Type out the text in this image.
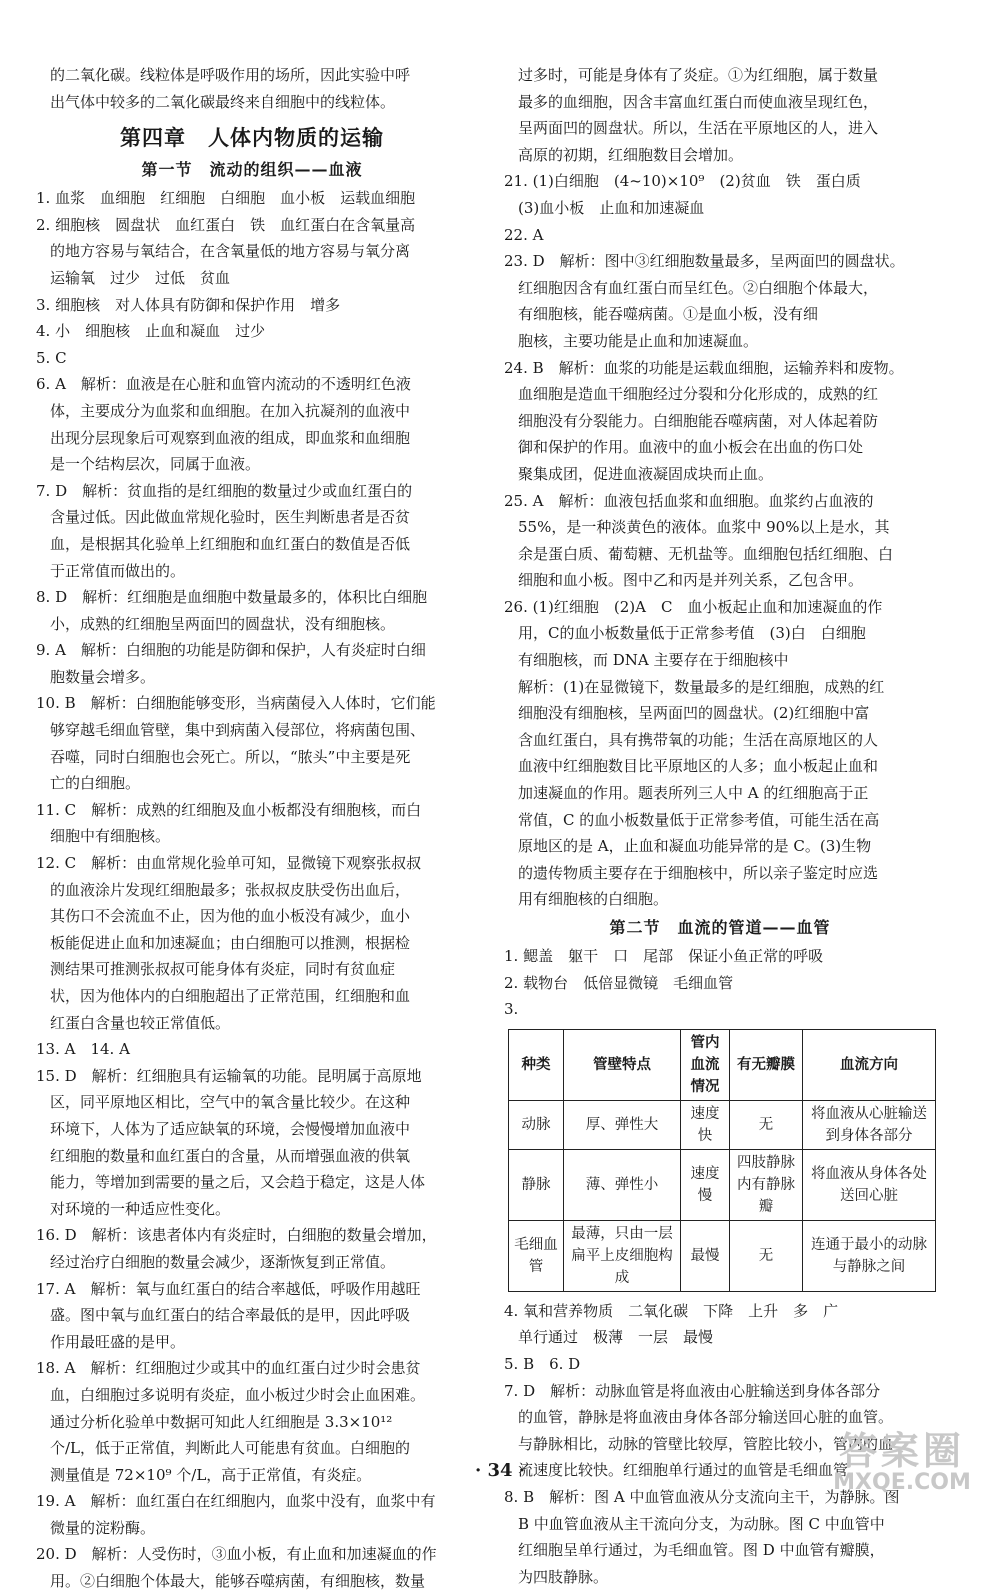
的二氧化碳。线粒体是呼吸作用的场所，因此实验中呼
出气体中较多的二氧化碳最终来自细胞中的线粒体。
第四章　人体内物质的运输
第一节　流动的组织——血液
1. 血浆　血细胞　红细胞　白细胞　血小板　运载血细胞
2. 细胞核　圆盘状　血红蛋白　铁　血红蛋白在含氧量高
的地方容易与氧结合，在含氧量低的地方容易与氧分离
运输氧　过少　过低　贫血
3. 细胞核　对人体具有防御和保护作用　增多
4. 小　细胞核　止血和凝血　过少
5. C
6. A　解析：血液是在心脏和血管内流动的不透明红色液
体，主要成分为血浆和血细胞。在加入抗凝剂的血液中
出现分层现象后可观察到血液的组成，即血浆和血细胞
是一个结构层次，同属于血液。
7. D　解析：贫血指的是红细胞的数量过少或血红蛋白的
含量过低。因此做血常规化验时，医生判断患者是否贫
血，是根据其化验单上红细胞和血红蛋白的数值是否低
于正常值而做出的。
8. D　解析：红细胞是血细胞中数量最多的，体积比白细胞
小，成熟的红细胞呈两面凹的圆盘状，没有细胞核。
9. A　解析：白细胞的功能是防御和保护，人有炎症时白细
胞数量会增多。
10. B　解析：白细胞能够变形，当病菌侵入人体时，它们能
够穿越毛细血管壁，集中到病菌入侵部位，将病菌包围、
吞噬，同时白细胞也会死亡。所以，“脓头”中主要是死
亡的白细胞。
11. C　解析：成熟的红细胞及血小板都没有细胞核，而白
细胞中有细胞核。
12. C　解析：由血常规化验单可知，显微镜下观察张叔叔
的血液涂片发现红细胞最多；张叔叔皮肤受伤出血后，
其伤口不会流血不止，因为他的血小板没有减少，血小
板能促进止血和加速凝血；由白细胞可以推测，根据检
测结果可推测张叔叔可能身体有炎症，同时有贫血症
状，因为他体内的白细胞超出了正常范围，红细胞和血
红蛋白含量也较正常值低。
13. A　14. A
15. D　解析：红细胞具有运输氧的功能。昆明属于高原地
区，同平原地区相比，空气中的氧含量比较少。在这种
环境下，人体为了适应缺氧的环境，会慢慢增加血液中
红细胞的数量和血红蛋白的含量，从而增强血液的供氧
能力，等增加到需要的量之后，又会趋于稳定，这是人体
对环境的一种适应性变化。
16. D　解析：该患者体内有炎症时，白细胞的数量会增加，
经过治疗白细胞的数量会减少，逐渐恢复到正常值。
17. A　解析：氧与血红蛋白的结合率越低，呼吸作用越旺
盛。图中氧与血红蛋白的结合率最低的是甲，因此呼吸
作用最旺盛的是甲。
18. A　解析：红细胞过少或其中的血红蛋白过少时会患贫
血，白细胞过多说明有炎症，血小板过少时会止血困难。
通过分析化验单中数据可知此人红细胞是 3.3×10¹²
个/L，低于正常值，判断此人可能患有贫血。白细胞的
测量值是 72×10⁹ 个/L，高于正常值，有炎症。
19. A　解析：血红蛋白在红细胞内，血浆中没有，血浆中有
微量的淀粉酶。
20. D　解析：人受伤时，③血小板，有止血和加速凝血的作
用。②白细胞个体最大，能够吞噬病菌，有细胞核，数量
过多时，可能是身体有了炎症。①为红细胞，属于数量
最多的血细胞，因含丰富血红蛋白而使血液呈现红色，
呈两面凹的圆盘状。所以，生活在平原地区的人，进入
高原的初期，红细胞数目会增加。
21. (1)白细胞　(4~10)×10⁹　(2)贫血　铁　蛋白质
(3)血小板　止血和加速凝血
22. A
23. D　解析：图中③红细胞数量最多，呈两面凹的圆盘状。
红细胞因含有血红蛋白而呈红色。②白细胞个体最大，
有细胞核，能吞噬病菌。①是血小板，没有细
胞核，主要功能是止血和加速凝血。
24. B　解析：血浆的功能是运载血细胞，运输养料和废物。
血细胞是造血干细胞经过分裂和分化形成的，成熟的红
细胞没有分裂能力。白细胞能吞噬病菌，对人体起着防
御和保护的作用。血液中的血小板会在出血的伤口处
聚集成团，促进血液凝固成块而止血。
25. A　解析：血液包括血浆和血细胞。血浆约占血液的
55%，是一种淡黄色的液体。血浆中 90%以上是水，其
余是蛋白质、葡萄糖、无机盐等。血细胞包括红细胞、白
细胞和血小板。图中乙和丙是并列关系，乙包含甲。
26. (1)红细胞　(2)A　C　血小板起止血和加速凝血的作
用，C的血小板数量低于正常参考值　(3)白　白细胞
有细胞核，而 DNA 主要存在于细胞核中
解析：(1)在显微镜下，数量最多的是红细胞，成熟的红
细胞没有细胞核，呈两面凹的圆盘状。(2)红细胞中富
含血红蛋白，具有携带氧的功能；生活在高原地区的人
血液中红细胞数目比平原地区的人多；血小板起止血和
加速凝血的作用。题表所列三人中 A 的红细胞高于正
常值，C 的血小板数量低于正常参考值，可能生活在高
原地区的是 A，止血和凝血功能异常的是 C。(3)生物
的遗传物质主要存在于细胞核中，所以亲子鉴定时应选
用有细胞核的白细胞。
第二节　血流的管道——血管
1. 鳃盖　躯干　口　尾部　保证小鱼正常的呼吸
2. 载物台　低倍显微镜　毛细血管
3.
种类	管壁特点	管内血流情况	有无瓣膜	血流方向
动脉	厚、弹性大	速度快	无	将血液从心脏输送到身体各部分
静脉	薄、弹性小	速度慢	四肢静脉内有静脉瓣	将血液从身体各处送回心脏
毛细血管	最薄，只由一层扁平上皮细胞构成	最慢	无	连通于最小的动脉与静脉之间
4. 氧和营养物质　二氧化碳　下降　上升　多　广
单行通过　极薄　一层　最慢
5. B　6. D
7. D　解析：动脉血管是将血液由心脏输送到身体各部分
的血管，静脉是将血液由身体各部分输送回心脏的血管。
与静脉相比，动脉的管壁比较厚，管腔比较小，管内的血
流速度比较快。红细胞单行通过的血管是毛细血管。
8. B　解析：图 A 中血管血液从分支流向主干，为静脉。图
B 中血管血液从主干流向分支，为动脉。图 C 中血管中
红细胞呈单行通过，为毛细血管。图 D 中血管有瓣膜，
为四肢静脉。
· 34 ·	答案圈
MXQE.COM
